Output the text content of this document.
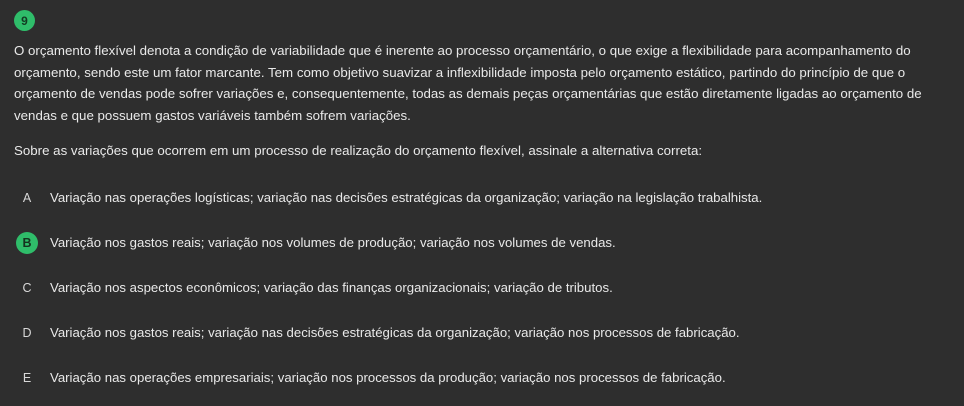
9

O orçamento flexível denota a condição de variabilidade que é inerente ao processo orçamentário, o que exige a flexibilidade para acompanhamento do orçamento, sendo este um fator marcante. Tem como objetivo suavizar a inflexibilidade imposta pelo orçamento estático, partindo do princípio de que o orçamento de vendas pode sofrer variações e, consequentemente, todas as demais peças orçamentárias que estão diretamente ligadas ao orçamento de vendas e que possuem gastos variáveis também sofrem variações.

Sobre as variações que ocorrem em um processo de realização do orçamento flexível, assinale a alternativa correta:

A	Variação nas operações logísticas; variação nas decisões estratégicas da organização; variação na legislação trabalhista.
B	Variação nos gastos reais; variação nos volumes de produção; variação nos volumes de vendas.
C	Variação nos aspectos econômicos; variação das finanças organizacionais; variação de tributos.
D	Variação nos gastos reais; variação nas decisões estratégicas da organização; variação nos processos de fabricação.
E	Variação nas operações empresariais; variação nos processos da produção; variação nos processos de fabricação.
